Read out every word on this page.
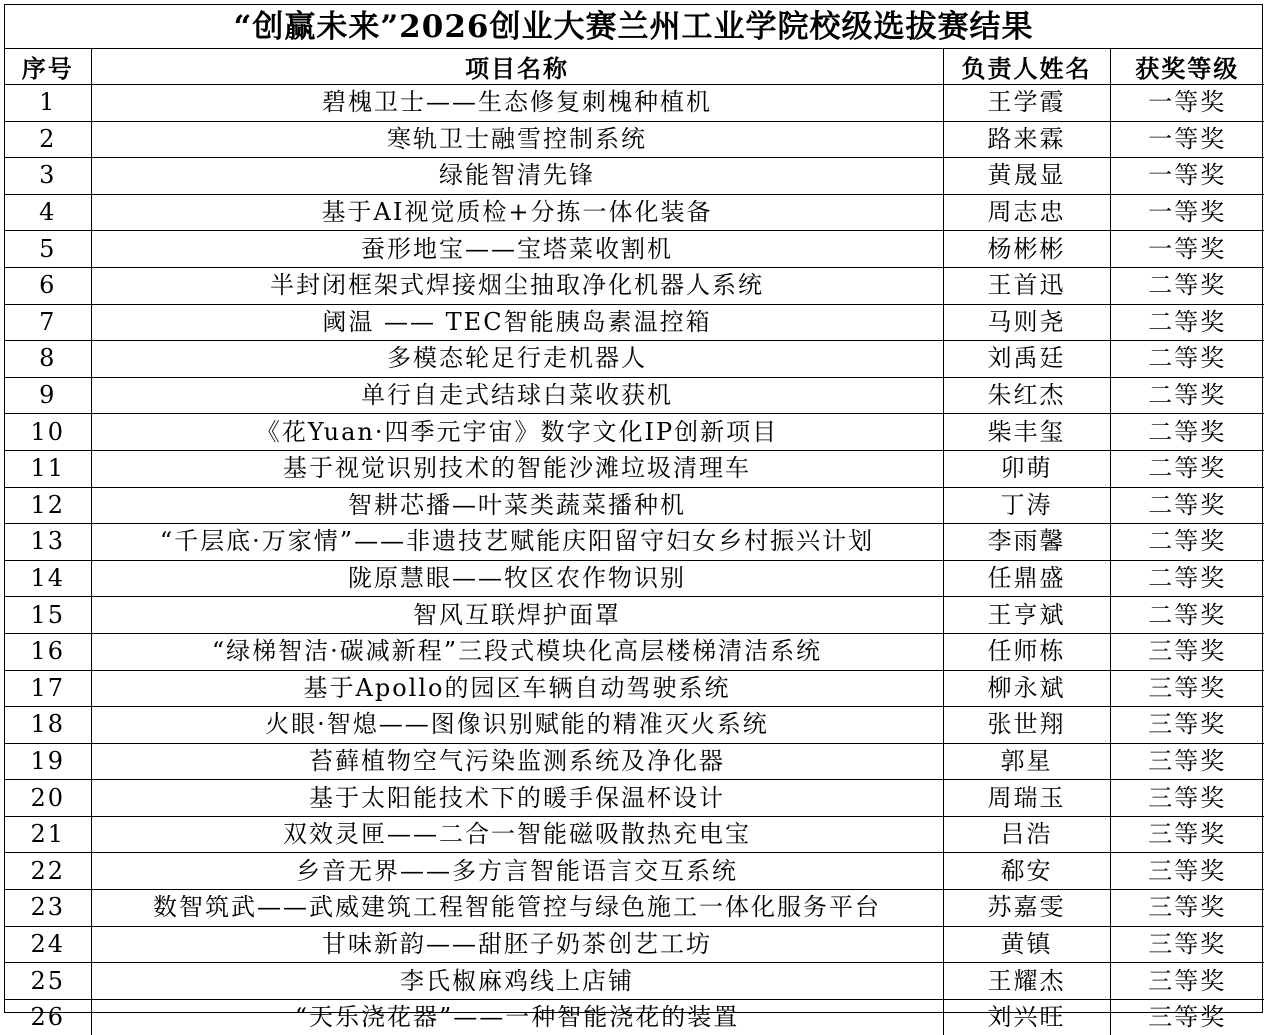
“创赢未来”2026创业大赛兰州工业学院校级选拔赛结果
序号	项目名称	负责人姓名	获奖等级
1	碧槐卫士——生态修复刺槐种植机	王学霞	一等奖
2	寒轨卫士融雪控制系统	路来霖	一等奖
3	绿能智清先锋	黄晟显	一等奖
4	基于AI视觉质检+分拣一体化装备	周志忠	一等奖
5	蚕形地宝——宝塔菜收割机	杨彬彬	一等奖
6	半封闭框架式焊接烟尘抽取净化机器人系统	王首迅	二等奖
7	阈温 —— TEC智能胰岛素温控箱	马则尧	二等奖
8	多模态轮足行走机器人	刘禹廷	二等奖
9	单行自走式结球白菜收获机	朱红杰	二等奖
10	《花Yuan·四季元宇宙》数字文化IP创新项目	柴丰玺	二等奖
11	基于视觉识别技术的智能沙滩垃圾清理车	卯萌	二等奖
12	智耕芯播—叶菜类蔬菜播种机	丁涛	二等奖
13	“千层底·万家情”——非遗技艺赋能庆阳留守妇女乡村振兴计划	李雨馨	二等奖
14	陇原慧眼——牧区农作物识别	任鼎盛	二等奖
15	智风互联焊护面罩	王亨斌	二等奖
16	“绿梯智洁·碳减新程”三段式模块化高层楼梯清洁系统	任师栋	三等奖
17	基于Apollo的园区车辆自动驾驶系统	柳永斌	三等奖
18	火眼·智熄——图像识别赋能的精准灭火系统	张世翔	三等奖
19	苔藓植物空气污染监测系统及净化器	郭星	三等奖
20	基于太阳能技术下的暖手保温杯设计	周瑞玉	三等奖
21	双效灵匣——二合一智能磁吸散热充电宝	吕浩	三等奖
22	乡音无界——多方言智能语言交互系统	郗安	三等奖
23	数智筑武——武威建筑工程智能管控与绿色施工一体化服务平台	苏嘉雯	三等奖
24	甘味新韵——甜胚子奶茶创艺工坊	黄镇	三等奖
25	李氏椒麻鸡线上店铺	王耀杰	三等奖
26	“天乐浇花器”——一种智能浇花的装置	刘兴旺	三等奖
